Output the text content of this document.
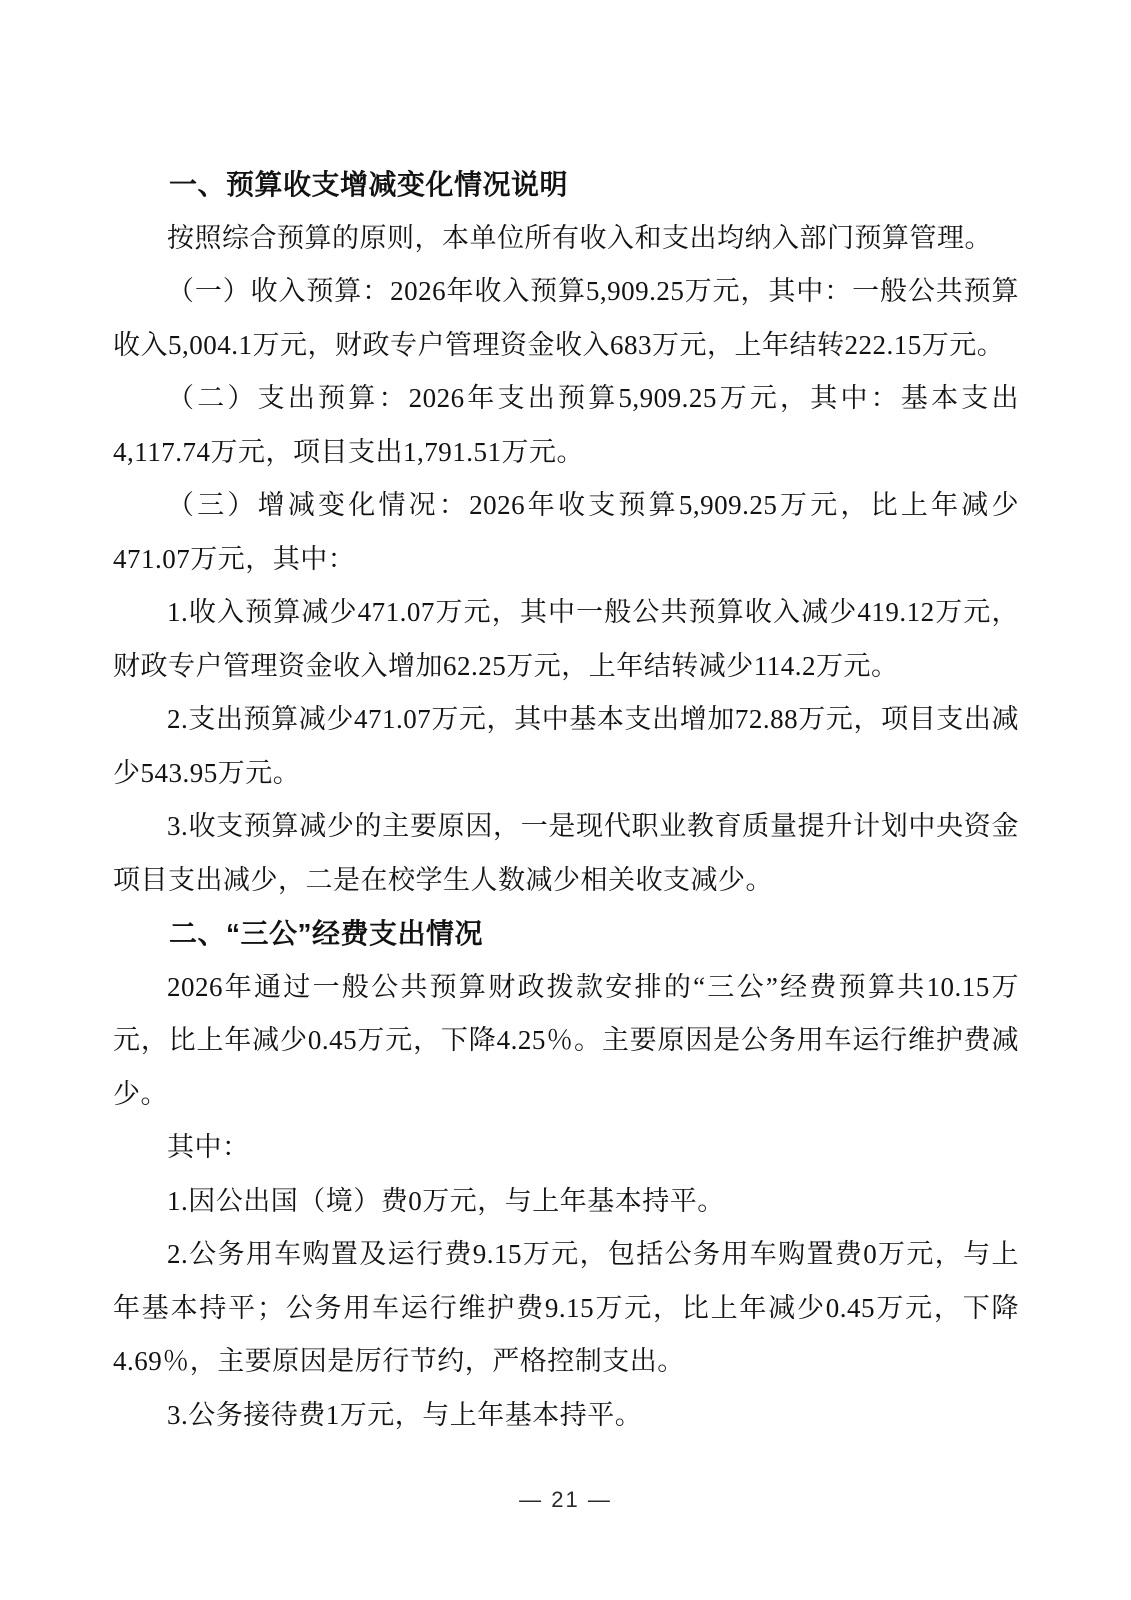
一、预算收支增减变化情况说明

按照综合预算的原则，本单位所有收入和支出均纳入部门预算管理。

（一）收入预算：2026年收入预算5,909.25万元，其中：一般公共预算收入5,004.1万元，财政专户管理资金收入683万元，上年结转222.15万元。

（二）支出预算：2026年支出预算5,909.25万元，其中：基本支出4,117.74万元，项目支出1,791.51万元。

（三）增减变化情况：2026年收支预算5,909.25万元，比上年减少471.07万元，其中：

1.收入预算减少471.07万元，其中一般公共预算收入减少419.12万元，财政专户管理资金收入增加62.25万元，上年结转减少114.2万元。

2.支出预算减少471.07万元，其中基本支出增加72.88万元，项目支出减少543.95万元。

3.收支预算减少的主要原因，一是现代职业教育质量提升计划中央资金项目支出减少，二是在校学生人数减少相关收支减少。

二、“三公”经费支出情况

2026年通过一般公共预算财政拨款安排的“三公”经费预算共10.15万元，比上年减少0.45万元，下降4.25％。主要原因是公务用车运行维护费减少。

其中：

1.因公出国（境）费0万元，与上年基本持平。

2.公务用车购置及运行费9.15万元，包括公务用车购置费0万元，与上年基本持平；公务用车运行维护费9.15万元，比上年减少0.45万元，下降4.69％，主要原因是厉行节约，严格控制支出。

3.公务接待费1万元，与上年基本持平。

— 21 —
